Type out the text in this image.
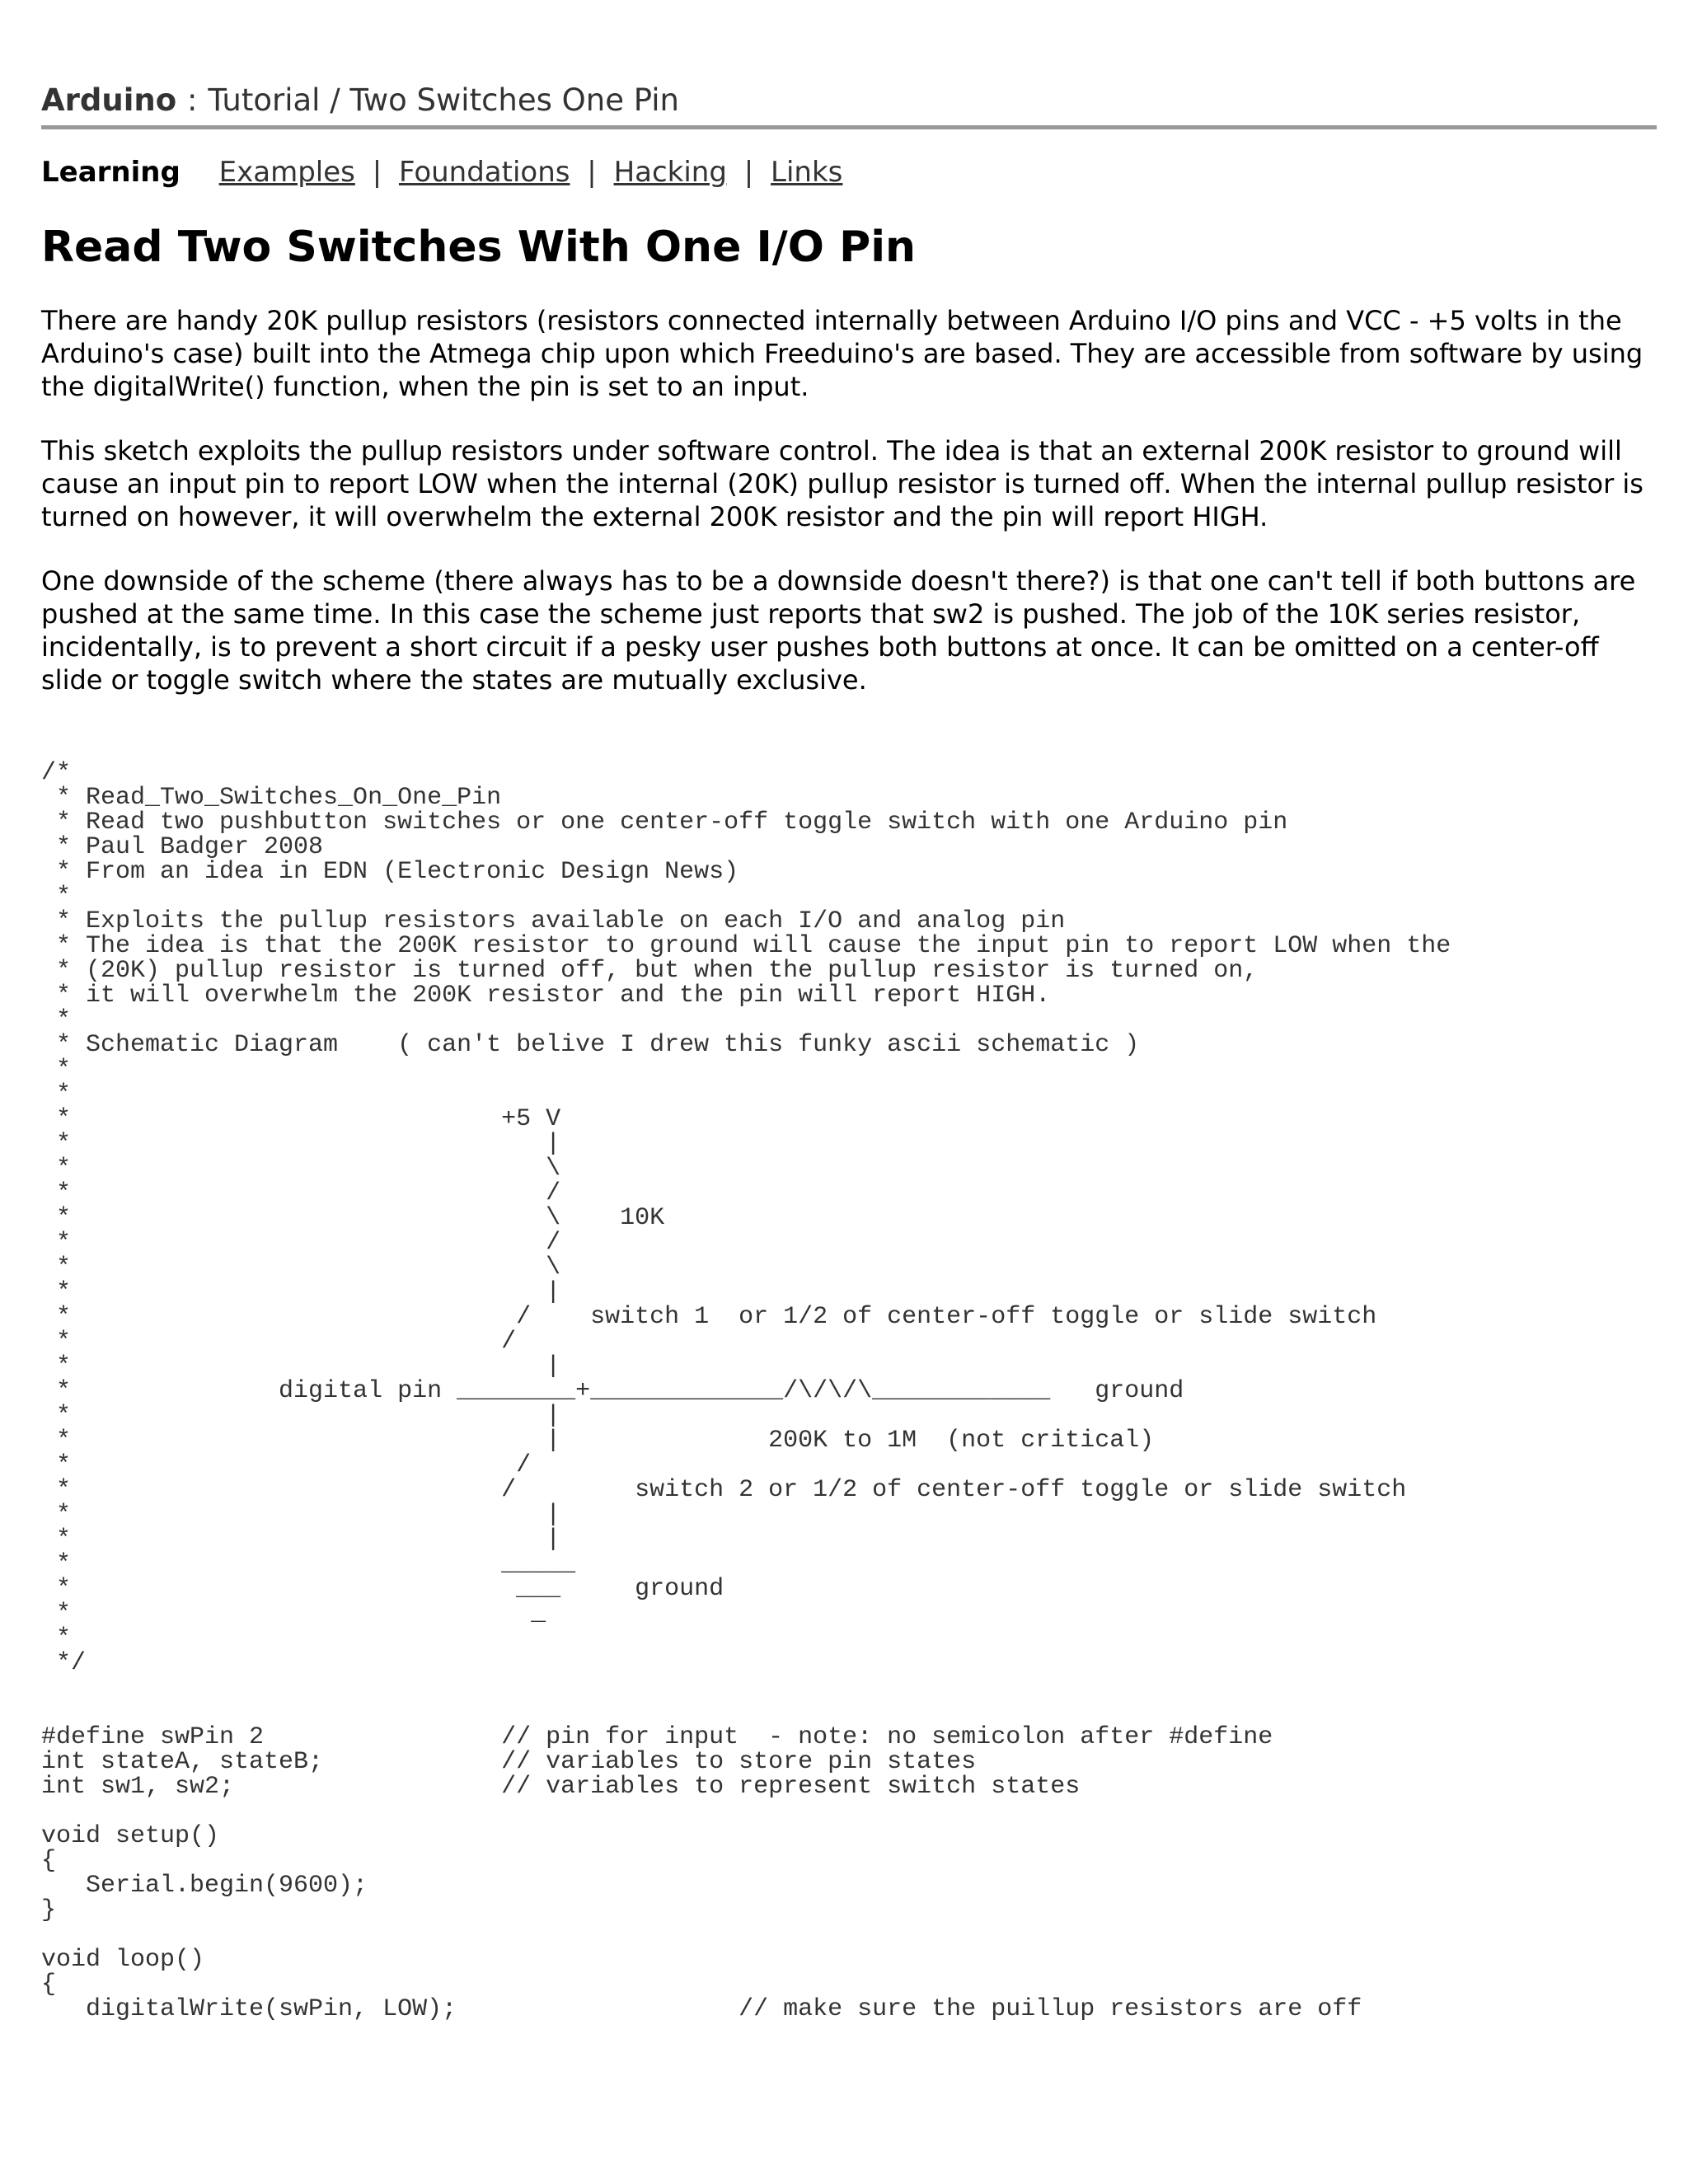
Arduino : Tutorial / Two Switches One Pin
Learning Examples | Foundations | Hacking | Links
Read Two Switches With One I/O Pin

There are handy 20K pullup resistors (resistors connected internally between Arduino I/O pins and VCC - +5 volts in the Arduino's case) built into the Atmega chip upon which Freeduino's are based. They are accessible from software by using the digitalWrite() function, when the pin is set to an input.

This sketch exploits the pullup resistors under software control. The idea is that an external 200K resistor to ground will cause an input pin to report LOW when the internal (20K) pullup resistor is turned off. When the internal pullup resistor is turned on however, it will overwhelm the external 200K resistor and the pin will report HIGH.

One downside of the scheme (there always has to be a downside doesn't there?) is that one can't tell if both buttons are pushed at the same time. In this case the scheme just reports that sw2 is pushed. The job of the 10K series resistor, incidentally, is to prevent a short circuit if a pesky user pushes both buttons at once. It can be omitted on a center-off slide or toggle switch where the states are mutually exclusive.

/*
* Read_Two_Switches_On_One_Pin
* Read two pushbutton switches or one center-off toggle switch with one Arduino pin
* Paul Badger 2008
* From an idea in EDN (Electronic Design News)
*
* Exploits the pullup resistors available on each I/O and analog pin
* The idea is that the 200K resistor to ground will cause the input pin to report LOW when the
* (20K) pullup resistor is turned off, but when the pullup resistor is turned on,
* it will overwhelm the 200K resistor and the pin will report HIGH.
*
* Schematic Diagram    ( can't belive I drew this funky ascii schematic )
*
*
*                             +5 V
*                                |
*                                \
*                                /
*                                \    10K
*                                /
*                                \
*                                |
*                              /    switch 1  or 1/2 of center-off toggle or slide switch
*                             /
*                                |
*              digital pin ________+_____________/\/\/\____________   ground
*                                |
*                                |              200K to 1M  (not critical)
*                              /
*                             /        switch 2 or 1/2 of center-off toggle or slide switch
*                                |
*                                |
*                             _____
*                              ___     ground
*                               _
*
*/

#define swPin 2                // pin for input  - note: no semicolon after #define
int stateA, stateB;            // variables to store pin states
int sw1, sw2;                  // variables to represent switch states

void setup()
{
Serial.begin(9600);
}

void loop()
{
digitalWrite(swPin, LOW);                   // make sure the puillup resistors are off
